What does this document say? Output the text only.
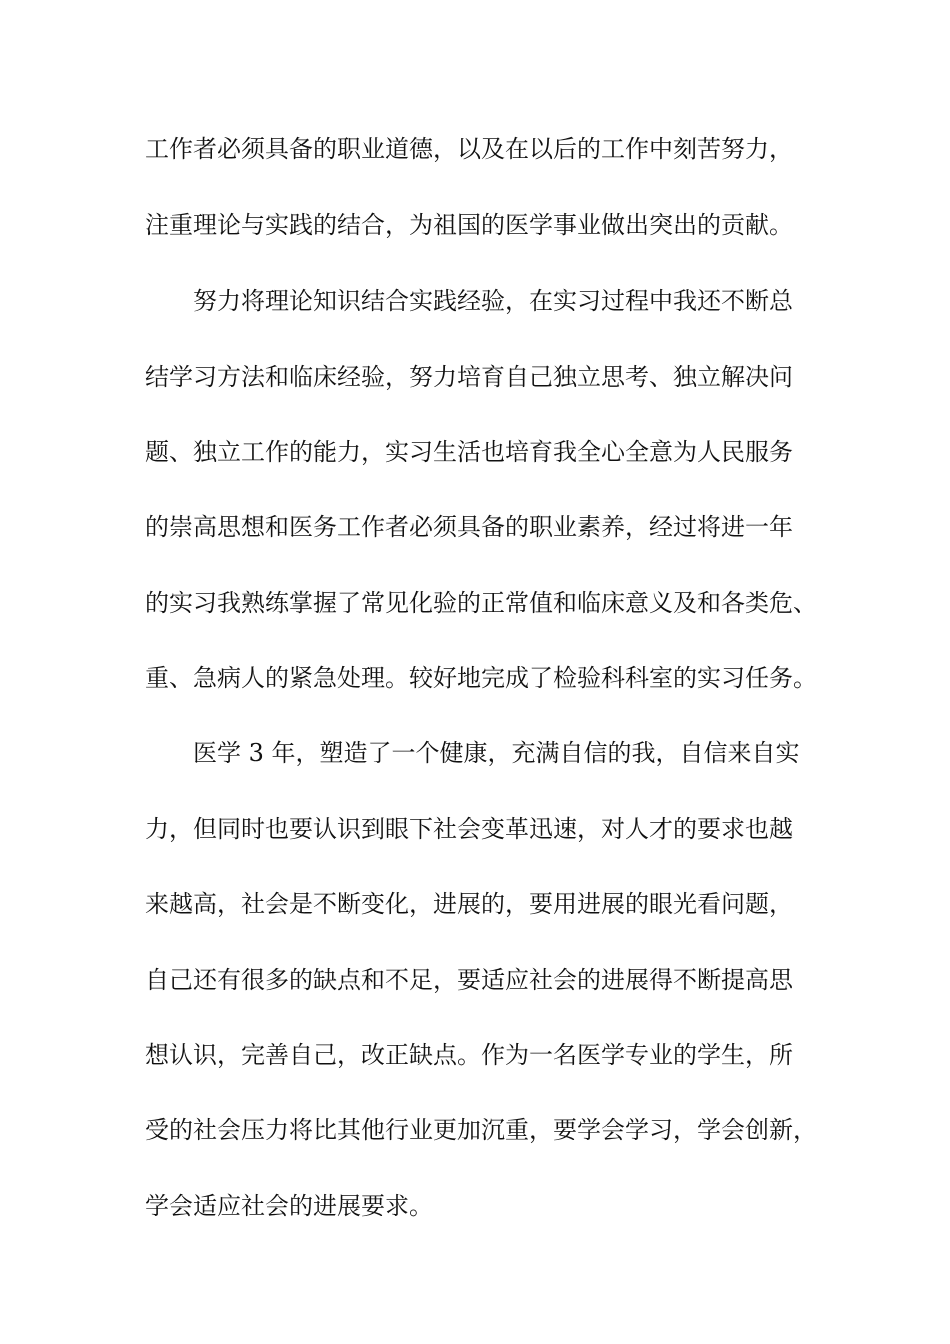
工作者必须具备的职业道德，以及在以后的工作中刻苦努力，
注重理论与实践的结合，为祖国的医学事业做出突出的贡献。
努力将理论知识结合实践经验，在实习过程中我还不断总
结学习方法和临床经验，努力培育自己独立思考、独立解决问
题、独立工作的能力，实习生活也培育我全心全意为人民服务
的崇高思想和医务工作者必须具备的职业素养，经过将进一年
的实习我熟练掌握了常见化验的正常值和临床意义及和各类危、
重、急病人的紧急处理。较好地完成了检验科科室的实习任务。
医学 3 年，塑造了一个健康，充满自信的我，自信来自实
力，但同时也要认识到眼下社会变革迅速，对人才的要求也越
来越高，社会是不断变化，进展的，要用进展的眼光看问题，
自己还有很多的缺点和不足，要适应社会的进展得不断提高思
想认识，完善自己，改正缺点。作为一名医学专业的学生，所
受的社会压力将比其他行业更加沉重，要学会学习，学会创新，
学会适应社会的进展要求。
